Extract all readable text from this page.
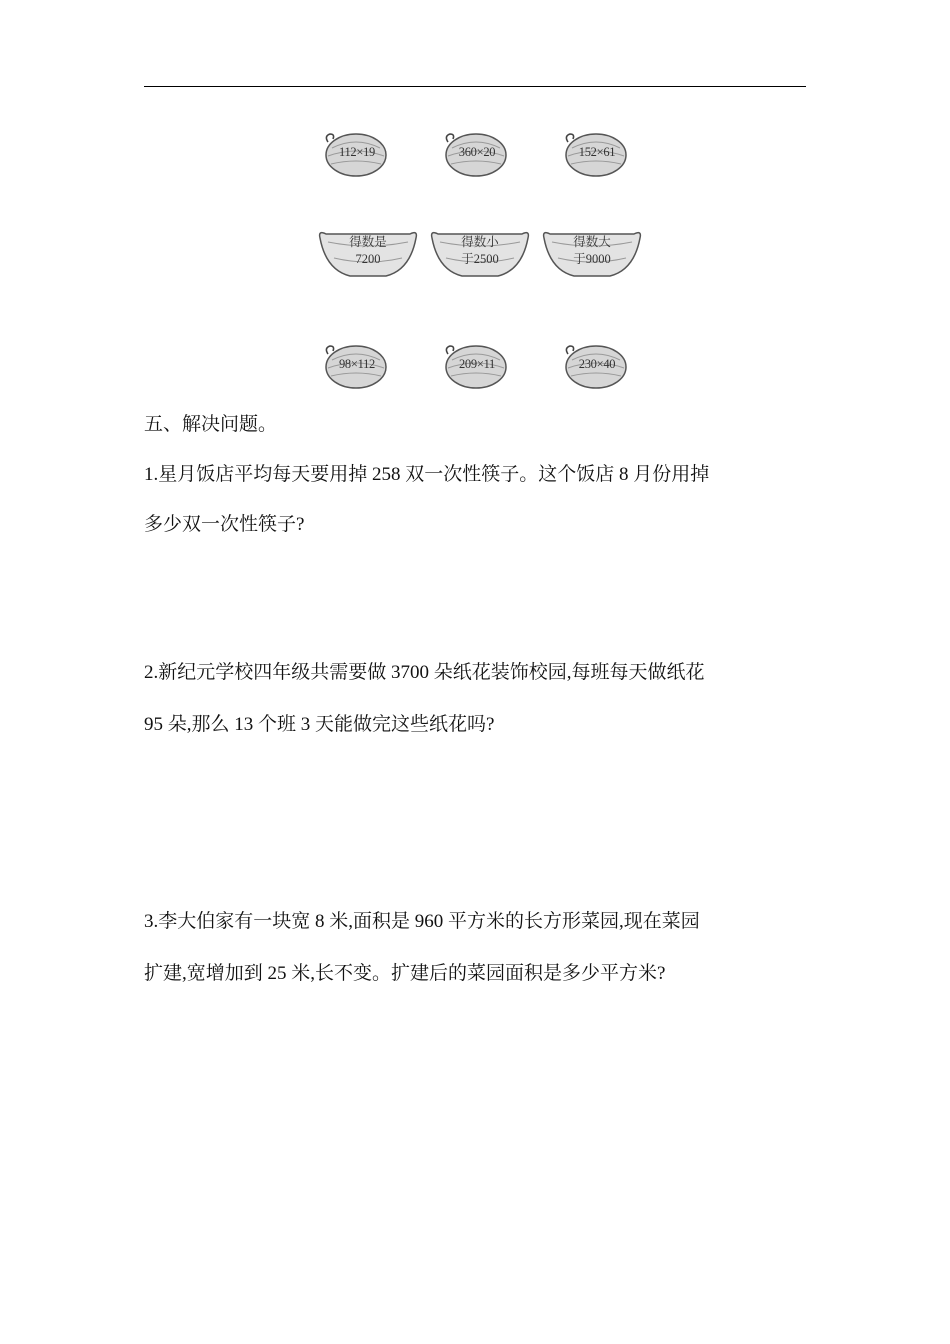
112×19	360×20	152×61
得数是
7200
得数小
于2500
得数大
于9000
98×112	209×11	230×40
五、解决问题。
1.星月饭店平均每天要用掉 258 双一次性筷子。这个饭店 8 月份用掉
多少双一次性筷子?
2.新纪元学校四年级共需要做 3700 朵纸花装饰校园,每班每天做纸花
95 朵,那么 13 个班 3 天能做完这些纸花吗?
3.李大伯家有一块宽 8 米,面积是 960 平方米的长方形菜园,现在菜园
扩建,宽增加到 25 米,长不变。扩建后的菜园面积是多少平方米?
